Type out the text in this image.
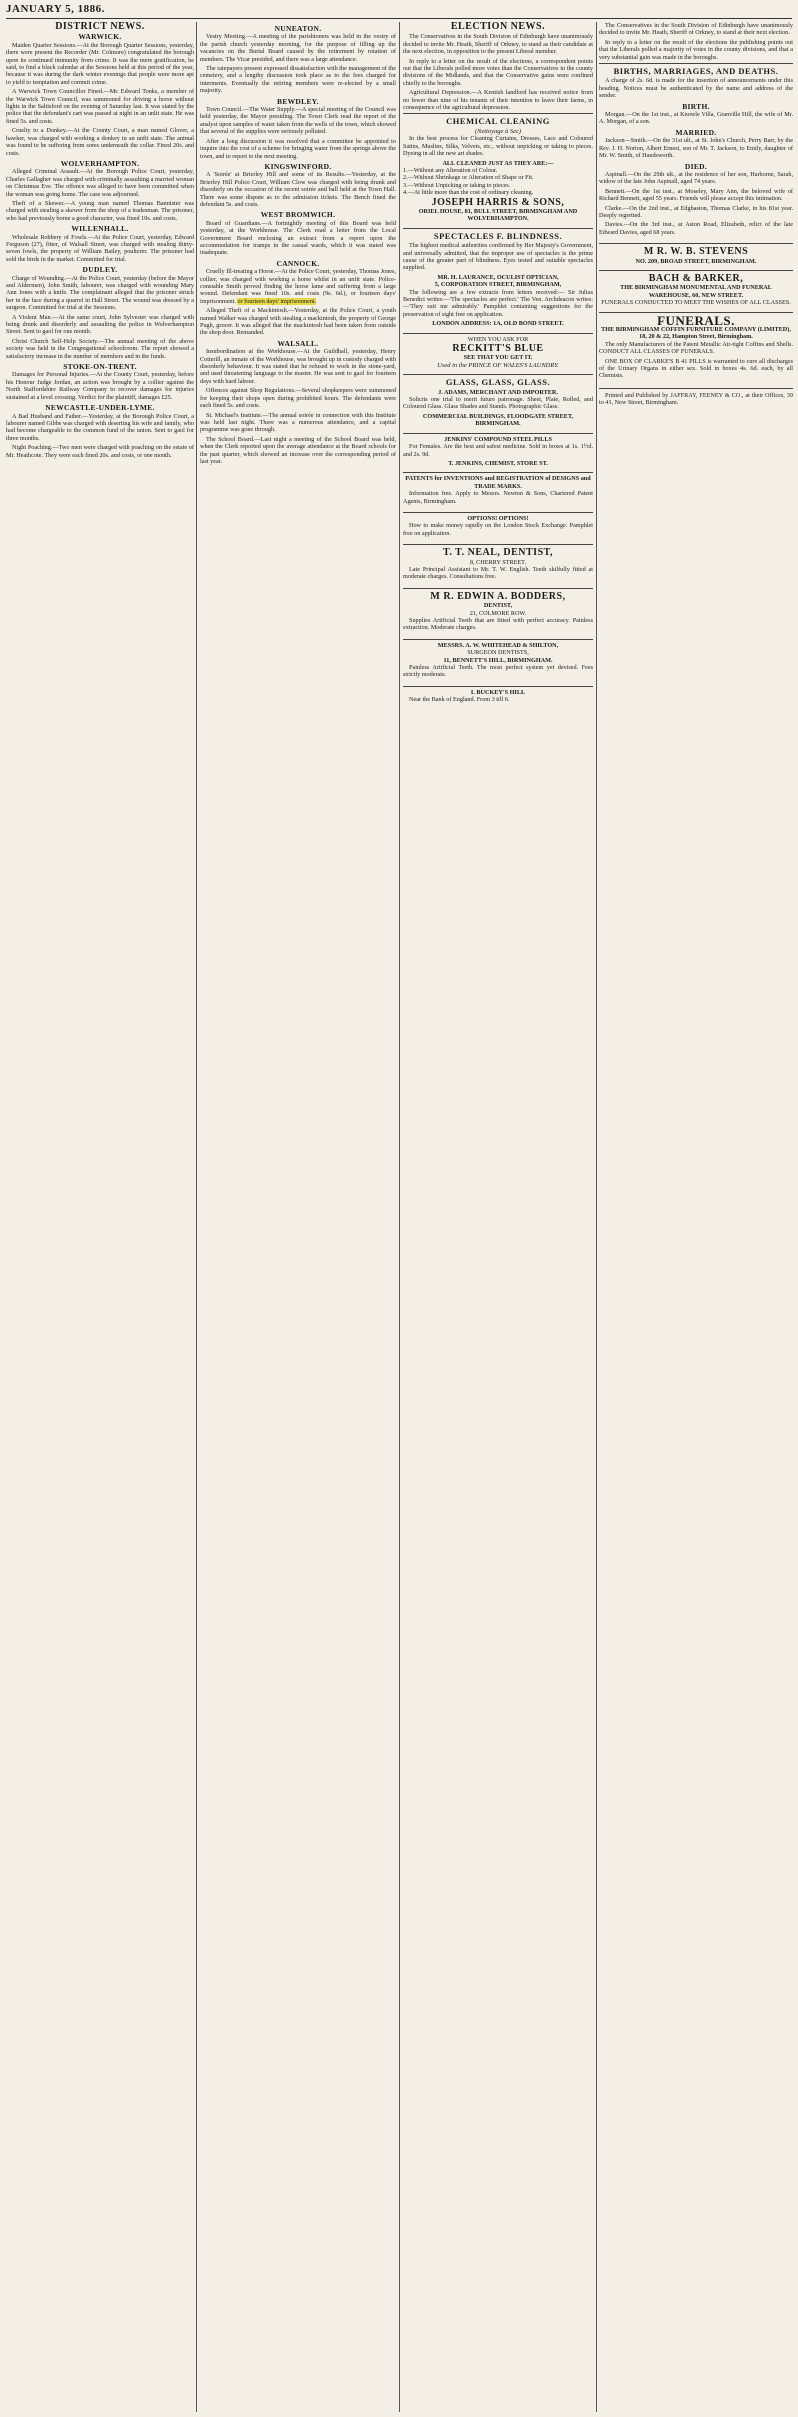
JANUARY 5, 1886.
DISTRICT NEWS.
WARWICK.

Maiden Quarter Sessions.—At the Borough Quarter Sessions, yesterday, there were present the Recorder (Mr. Colmore) congratulated the borough upon its continued immunity from crime. It was the mere gratification, he said, to find a black calendar at the Sessions held at this period of the year, because it was during the dark winter evenings that people were more apt to yield to temptation and commit crime.

A Warwick Town Councillor Fined.—Mr. Edward Tonks, a member of the Warwick Town Council, was summoned for driving a horse without lights in the Saltisford on the evening of Saturday last. It was stated by the police that the defendant's cart was passed at night in an unlit state. He was fined 5s. and costs.

Cruelty to a Donkey.—At the County Court, a man named Glover, a hawker, was charged with working a donkey in an unfit state. The animal was found to be suffering from sores underneath the collar. Fined 20s. and costs.

WOLVERHAMPTON.

Alleged Criminal Assault.—At the Borough Police Court, yesterday, Charles Gallagher was charged with criminally assaulting a married woman on Christmas Eve. The offence was alleged to have been committed when the woman was going home. The case was adjourned.

Theft of a Skewer.—A young man named Thomas Bannister was charged with stealing a skewer from the shop of a tradesman. The prisoner, who had previously borne a good character, was fined 10s. and costs.

WILLENHALL.

Wholesale Robbery of Fowls.—At the Police Court, yesterday, Edward Ferguson (27), fitter, of Walsall Street, was charged with stealing thirty-seven fowls, the property of William Bailey, poulterer. The prisoner had sold the birds in the market. Committed for trial.

DUDLEY.

Charge of Wounding.—At the Police Court, yesterday (before the Mayor and Aldermen), John Smith, labourer, was charged with wounding Mary Ann Jones with a knife. The complainant alleged that the prisoner struck her in the face during a quarrel in Hall Street. The wound was dressed by a surgeon. Committed for trial at the Sessions.

A Violent Man.—At the same court, John Sylvester was charged with being drunk and disorderly and assaulting the police in Wolverhampton Street. Sent to gaol for one month.

Christ Church Self-Help Society.—The annual meeting of the above society was held in the Congregational schoolroom. The report showed a satisfactory increase in the number of members and in the funds.

STOKE-ON-TRENT.

Damages for Personal Injuries.—At the County Court, yesterday, before his Honour Judge Jordan, an action was brought by a collier against the North Staffordshire Railway Company to recover damages for injuries sustained at a level crossing. Verdict for the plaintiff, damages £25.

NEWCASTLE-UNDER-LYME.

A Bad Husband and Father.—Yesterday, at the Borough Police Court, a labourer named Gibbs was charged with deserting his wife and family, who had become chargeable to the common fund of the union. Sent to gaol for three months.

Night Poaching.—Two men were charged with poaching on the estate of Mr. Heathcote. They were each fined 20s. and costs, or one month.

NUNEATON.

Vestry Meeting.—A meeting of the parishioners was held in the vestry of the parish church yesterday morning, for the purpose of filling up the vacancies on the Burial Board caused by the retirement by rotation of members. The Vicar presided, and there was a large attendance.

The ratepayers present expressed dissatisfaction with the management of the cemetery, and a lengthy discussion took place as to the fees charged for interments. Eventually the retiring members were re-elected by a small majority.

BEWDLEY.

Town Council.—The Water Supply.—A special meeting of the Council was held yesterday, the Mayor presiding. The Town Clerk read the report of the analyst upon samples of water taken from the wells of the town, which showed that several of the supplies were seriously polluted.

After a long discussion it was resolved that a committee be appointed to inquire into the cost of a scheme for bringing water from the springs above the town, and to report to the next meeting.

KINGSWINFORD.

A 'Soirée' at Brierley Hill and some of its Results.—Yesterday, at the Brierley Hill Police Court, William Clow was charged with being drunk and disorderly on the occasion of the recent soirée and ball held at the Town Hall. There was some dispute as to the admission tickets. The Bench fined the defendant 5s. and costs.

WEST BROMWICH.

Board of Guardians.—A fortnightly meeting of this Board was held yesterday, at the Workhouse. The Clerk read a letter from the Local Government Board enclosing an extract from a report upon the accommodation for tramps in the casual wards, which it was stated was inadequate.

CANNOCK.

Cruelly Ill-treating a Horse.—At the Police Court, yesterday, Thomas Jones, collier, was charged with working a horse whilst in an unfit state. Police-constable Smith proved finding the horse lame and suffering from a large wound. Defendant was fined 10s. and costs (9s. 6d.), or fourteen days' imprisonment. or fourteen days' imprisonment.

Alleged Theft of a Mackintosh.—Yesterday, at the Police Court, a youth named Walker was charged with stealing a mackintosh, the property of George Pugh, grocer. It was alleged that the mackintosh had been taken from outside the shop door. Remanded.

WALSALL.

Insubordination at the Workhouse.—At the Guildhall, yesterday, Henry Cotterill, an inmate of the Workhouse, was brought up in custody charged with disorderly behaviour. It was stated that he refused to work in the stone-yard, and used threatening language to the master. He was sent to gaol for fourteen days with hard labour.

Offences against Shop Regulations.—Several shopkeepers were summoned for keeping their shops open during prohibited hours. The defendants were each fined 5s. and costs.

St. Michael's Institute.—The annual soirée in connection with this Institute was held last night. There was a numerous attendance, and a capital programme was gone through.

The School Board.—Last night a meeting of the School Board was held, when the Clerk reported upon the average attendance at the Board schools for the past quarter, which showed an increase over the corresponding period of last year.

ELECTION NEWS.

The Conservatives in the South Division of Edinburgh have unanimously decided to invite Mr. Heath, Sheriff of Orkney, to stand as their candidate at the next election, in opposition to the present Liberal member.

In reply to a letter on the result of the elections, a correspondent points out that the Liberals polled more votes than the Conservatives in the county divisions of the Midlands, and that the Conservative gains were confined chiefly to the boroughs.

Agricultural Depression.—A Kentish landlord has received notice from no fewer than nine of his tenants of their intention to leave their farms, in consequence of the agricultural depression.

CHEMICAL CLEANING
(Nettoyage à Sec)

In the best process for Cleaning Curtains, Dresses, Lace and Coloured Satins, Muslins, Silks, Velvets, etc., without unpicking or taking to pieces. Dyeing in all the new art shades.

ALL CLEANED JUST AS THEY ARE:—

1.—Without any Alteration of Colour.

2.—Without Shrinkage or Alteration of Shape or Fit.

3.—Without Unpicking or taking to pieces.

4.—At little more than the cost of ordinary cleaning.

JOSEPH HARRIS & SONS,
ORIEL HOUSE, 81, BULL STREET, BIRMINGHAM AND WOLVERHAMPTON.
SPECTACLES F. BLINDNESS.

The highest medical authorities confirmed by Her Majesty's Government, and universally admitted, that the improper use of spectacles is the prime cause of the greater part of blindness. Eyes tested and suitable spectacles supplied.

MR. H. LAURANCE, OCULIST OPTICIAN,
5, CORPORATION STREET, BIRMINGHAM,

The following are a few extracts from letters received:— Sir Julius Benedict writes:—'The spectacles are perfect.' The Ven. Archdeacon writes:—'They suit me admirably.' Pamphlet containing suggestions for the preservation of sight free on application.

LONDON ADDRESS: 1A, OLD BOND STREET.
WHEN YOU ASK FOR
RECKITT'S BLUE
SEE THAT YOU GET IT.
Used in the PRINCE OF WALES'S LAUNDRY.
GLASS, GLASS, GLASS.
J. ADAMS, MERCHANT AND IMPORTER.

Solicits one trial to merit future patronage. Sheet, Plate, Rolled, and Coloured Glass. Glass Shades and Stands. Photographic Glass.

COMMERCIAL BUILDINGS, FLOODGATE STREET, BIRMINGHAM.
JENKINS' COMPOUND STEEL PILLS

For Females. Are the best and safest medicine. Sold in boxes at 1s. 1½d. and 2s. 9d.

T. JENKINS, CHEMIST, STORE ST.
PATENTS for INVENTIONS and REGISTRATION of DESIGNS and TRADE MARKS.

Information free. Apply to Messrs. Newton & Sons, Chartered Patent Agents, Birmingham.

OPTIONS! OPTIONS!

How to make money rapidly on the London Stock Exchange. Pamphlet free on application.

T. T. NEAL, DENTIST,
8, CHERRY STREET.

Late Principal Assistant to Mr. T. W. English. Teeth skilfully fitted at moderate charges. Consultations free.

M R. EDWIN A. BODDERS,
DENTIST,
21, COLMORE ROW.

Supplies Artificial Teeth that are fitted with perfect accuracy. Painless extraction. Moderate charges.

MESSRS. A. W. WHITEHEAD & SHILTON,
SURGEON DENTISTS,
11, BENNETT'S HILL, BIRMINGHAM.

Painless Artificial Teeth. The most perfect system yet devised. Fees strictly moderate.

I. BUCKEY'S HILL

Near the Bank of England. From 3 till 6.

The Conservatives in the South Division of Edinburgh have unanimously decided to invite Mr. Heath, Sheriff of Orkney, to stand at their next election.

In reply to a letter on the result of the elections the publishing points out that the Liberals polled a majority of votes in the county divisions, and that a very substantial gain was made in the boroughs.

BIRTHS, MARRIAGES, AND DEATHS.

A charge of 2s. 6d. is made for the insertion of announcements under this heading. Notices must be authenticated by the name and address of the sender.

BIRTH.

Morgan.—On the 1st inst., at Knowle Villa, Granville Hill, the wife of Mr. A. Morgan, of a son.

MARRIED.

Jackson—Smith.—On the 31st ult., at St. John's Church, Perry Barr, by the Rev. J. H. Norton, Albert Ernest, son of Mr. T. Jackson, to Emily, daughter of Mr. W. Smith, of Handsworth.

DIED.

Aspinall.—On the 29th ult., at the residence of her son, Harborne, Sarah, widow of the late John Aspinall, aged 74 years.

Bennett.—On the 1st inst., at Moseley, Mary Ann, the beloved wife of Richard Bennett, aged 55 years. Friends will please accept this intimation.

Clarke.—On the 2nd inst., at Edgbaston, Thomas Clarke, in his 81st year. Deeply regretted.

Davies.—On the 3rd inst., at Aston Road, Elizabeth, relict of the late Edward Davies, aged 68 years.

M R. W. B. STEVENS
NO. 209, BROAD STREET, BIRMINGHAM.
BACH & BARKER,
THE BIRMINGHAM MONUMENTAL AND FUNERAL WAREHOUSE, 60, NEW STREET.
FUNERALS CONDUCTED TO MEET THE WISHES OF ALL CLASSES.
FUNERALS.
THE BIRMINGHAM COFFIN FURNITURE COMPANY (LIMITED), 18, 20 & 22, Hampton Street, Birmingham.

The only Manufacturers of the Patent Metallic Air-tight Coffins and Shells. CONDUCT ALL CLASSES OF FUNERALS.

ONE BOX OF CLARKE'S B 41 PILLS is warranted to cure all discharges of the Urinary Organs in either sex. Sold in boxes 4s. 6d. each, by all Chemists.

Printed and Published by JAFFRAY, FEENEY & CO., at their Offices, 39 to 41, New Street, Birmingham.
